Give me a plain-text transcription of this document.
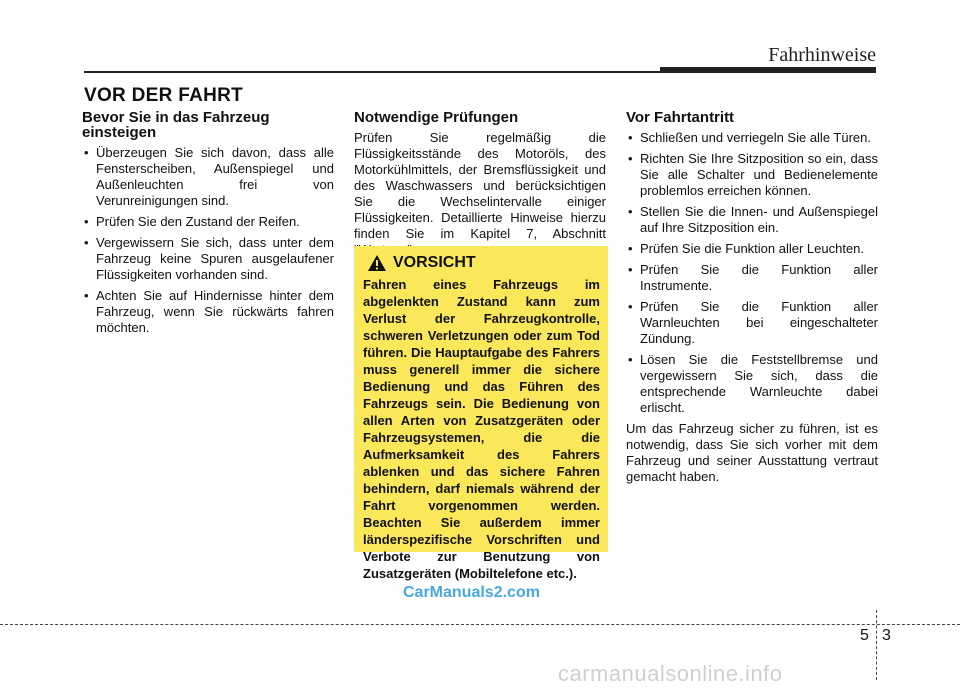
Fahrhinweise
VOR DER FAHRT
Bevor Sie in das Fahrzeug einsteigen
• Überzeugen Sie sich davon, dass alle Fensterscheiben, Außenspiegel und Außenleuchten frei von Verunreinigungen sind.
• Prüfen Sie den Zustand der Reifen.
• Vergewissern Sie sich, dass unter dem Fahrzeug keine Spuren ausgelaufener Flüssigkeiten vorhanden sind.
• Achten Sie auf Hindernisse hinter dem Fahrzeug, wenn Sie rückwärts fahren möchten.
Notwendige Prüfungen

Prüfen Sie regelmäßig die Flüssigkeitsstände des Motoröls, des Motorkühlmittels, der Bremsflüssigkeit und des Waschwassers und berücksichtigen Sie die Wechselintervalle einiger Flüssigkeiten. Detaillierte Hinweise hierzu finden Sie im Kapitel 7, Abschnitt

VORSICHT
Fahren eines Fahrzeugs im abgelenkten Zustand kann zum Verlust der Fahrzeugkontrolle, schweren Verletzungen oder zum Tod führen. Die Hauptaufgabe des Fahrers muss generell immer die sichere Bedienung und das Führen des Fahrzeugs sein. Die Bedienung von allen Arten von Zusatzgeräten oder Fahrzeugsystemen, die die Aufmerksamkeit des Fahrers ablenken und das sichere Fahren behindern, darf niemals während der Fahrt vorgenommen werden. Beachten Sie außerdem immer länderspezifische Vorschriften und Verbote zur Benutzung von Zusatzgeräten (Mobiltelefone etc.).
Vor Fahrtantritt
• Schließen und verriegeln Sie alle Türen.
• Richten Sie Ihre Sitzposition so ein, dass Sie alle Schalter und Bedienelemente problemlos erreichen können.
• Stellen Sie die Innen- und Außenspiegel auf Ihre Sitzposition ein.
• Prüfen Sie die Funktion aller Leuchten.
• Prüfen Sie die Funktion aller Instrumente.
• Prüfen Sie die Funktion aller Warnleuchten bei eingeschalteter Zündung.
• Lösen Sie die Feststellbremse und vergewissern Sie sich, dass die entsprechende Warnleuchte dabei erlischt.

Um das Fahrzeug sicher zu führen, ist es notwendig, dass Sie sich vorher mit dem Fahrzeug und seiner Ausstattung vertraut gemacht haben.

CarManuals2.com
5 3
carmanualsonline.info
